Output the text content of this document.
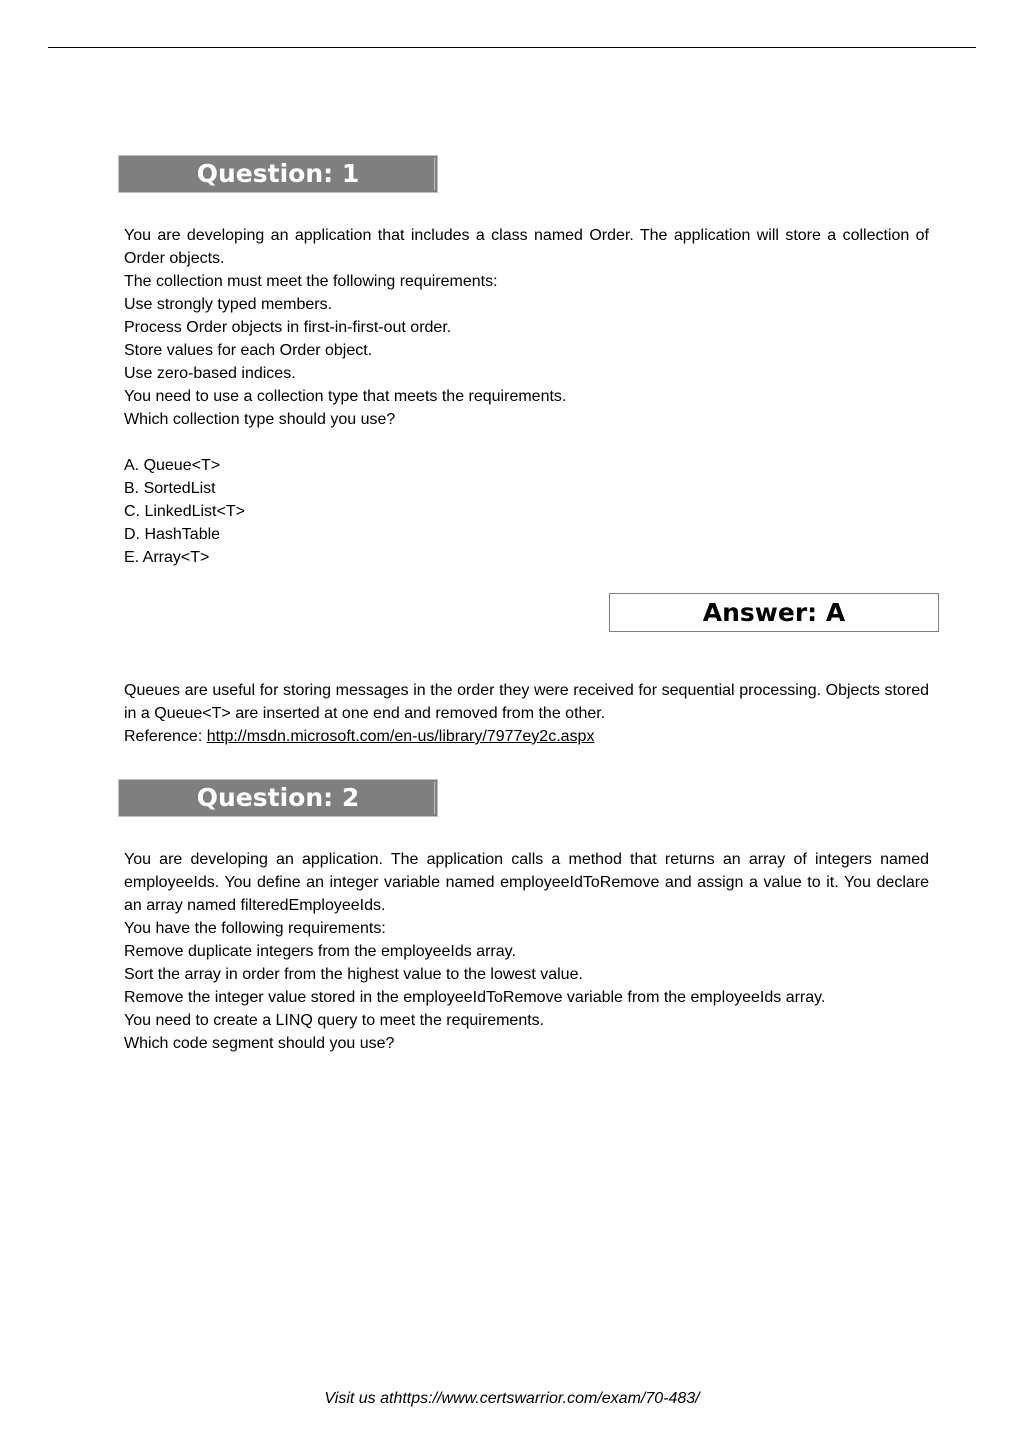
Question: 1

You are developing an application that includes a class named Order. The application will store a collection of Order objects.

The collection must meet the following requirements:

Use strongly typed members.

Process Order objects in first-in-first-out order.

Store values for each Order object.

Use zero-based indices.

You need to use a collection type that meets the requirements.

Which collection type should you use?

A. Queue<T>

B. SortedList

C. LinkedList<T>

D. HashTable

E. Array<T>

Answer: A

Queues are useful for storing messages in the order they were received for sequential processing. Objects stored in a Queue<T> are inserted at one end and removed from the other.

Reference: http://msdn.microsoft.com/en-us/library/7977ey2c.aspx

Question: 2

You are developing an application. The application calls a method that returns an array of integers named employeeIds. You define an integer variable named employeeIdToRemove and assign a value to it. You declare an array named filteredEmployeeIds.

You have the following requirements:

Remove duplicate integers from the employeeIds array.

Sort the array in order from the highest value to the lowest value.

Remove the integer value stored in the employeeIdToRemove variable from the employeeIds array.

You need to create a LINQ query to meet the requirements.

Which code segment should you use?

Visit us athttps://www.certswarrior.com/exam/70-483/
